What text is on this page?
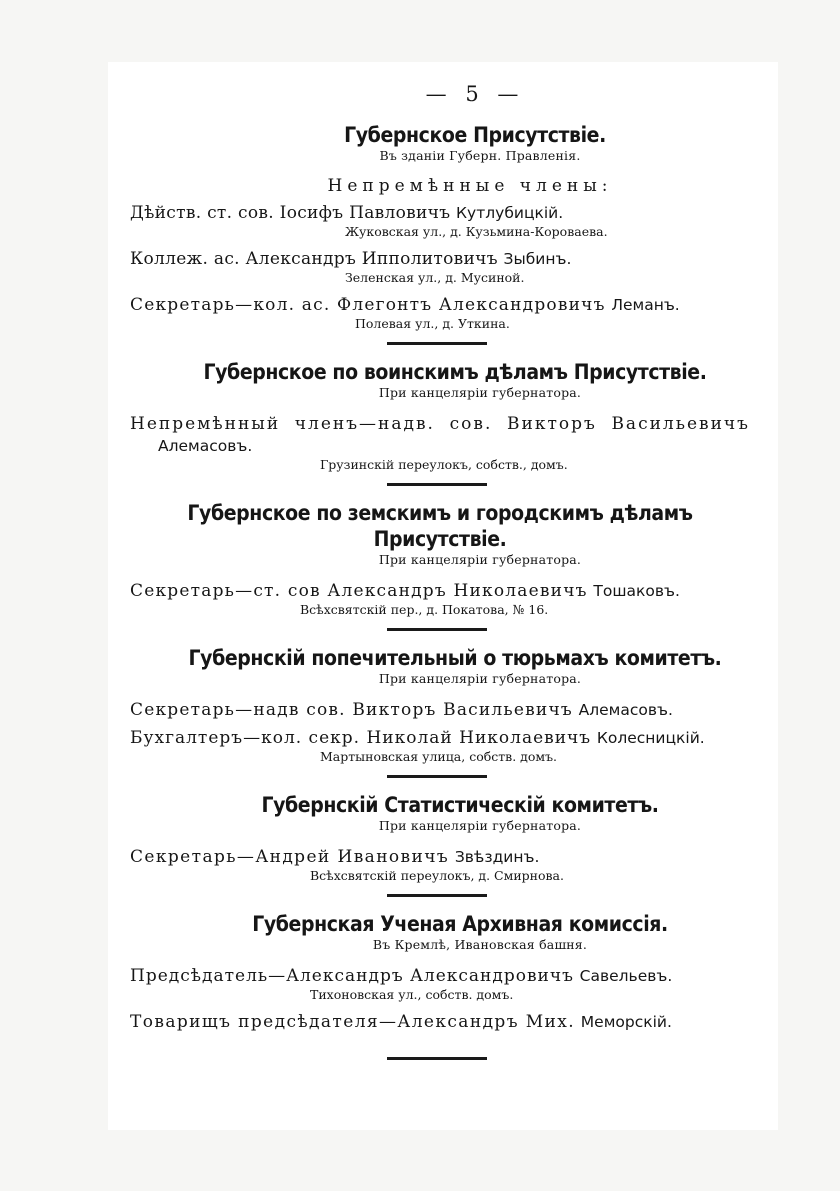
— 5 —
Губернское Присутствіе.
Въ зданіи Губерн. Правленія.
Непремѣнные члены:
Дѣйств. ст. сов. Іосифъ Павловичъ Кутлубицкій.
Жуковская ул., д. Кузьмина-Короваева.
Коллеж. ас. Александръ Ипполитовичъ Зыбинъ.
Зеленская ул., д. Мусиной.
Секретарь—кол. ас. Флегонтъ Александровичъ Леманъ.
Полевая ул., д. Уткина.
Губернское по воинскимъ дѣламъ Присутствіе.
При канцеляріи губернатора.
Непремѣнный членъ—надв. сов. Викторъ Васильевичъ
Алемасовъ.
Грузинскій переулокъ, собств., домъ.
Губернское по земскимъ и городскимъ дѣламъ Присутствіе.
При канцеляріи губернатора.
Секретарь—ст. сов Александръ Николаевичъ Тошаковъ.
Всѣхсвятскій пер., д. Покатова, № 16.
Губернскій попечительный о тюрьмахъ комитетъ.
При канцеляріи губернатора.
Секретарь—надв сов. Викторъ Васильевичъ Алемасовъ.
Бухгалтеръ—кол. секр. Николай Николаевичъ Колесницкій.
Мартыновская улица, собств. домъ.
Губернскій Статистическій комитетъ.
При канцеляріи губернатора.
Секретарь—Андрей Ивановичъ Звѣздинъ.
Всѣхсвятскій переулокъ, д. Смирнова.
Губернская Ученая Архивная комиссія.
Въ Кремлѣ, Ивановская башня.
Предсѣдатель—Александръ Александровичъ Савельевъ.
Тихоновская ул., собств. домъ.
Товарищъ предсѣдателя—Александръ Мих. Меморскій.
